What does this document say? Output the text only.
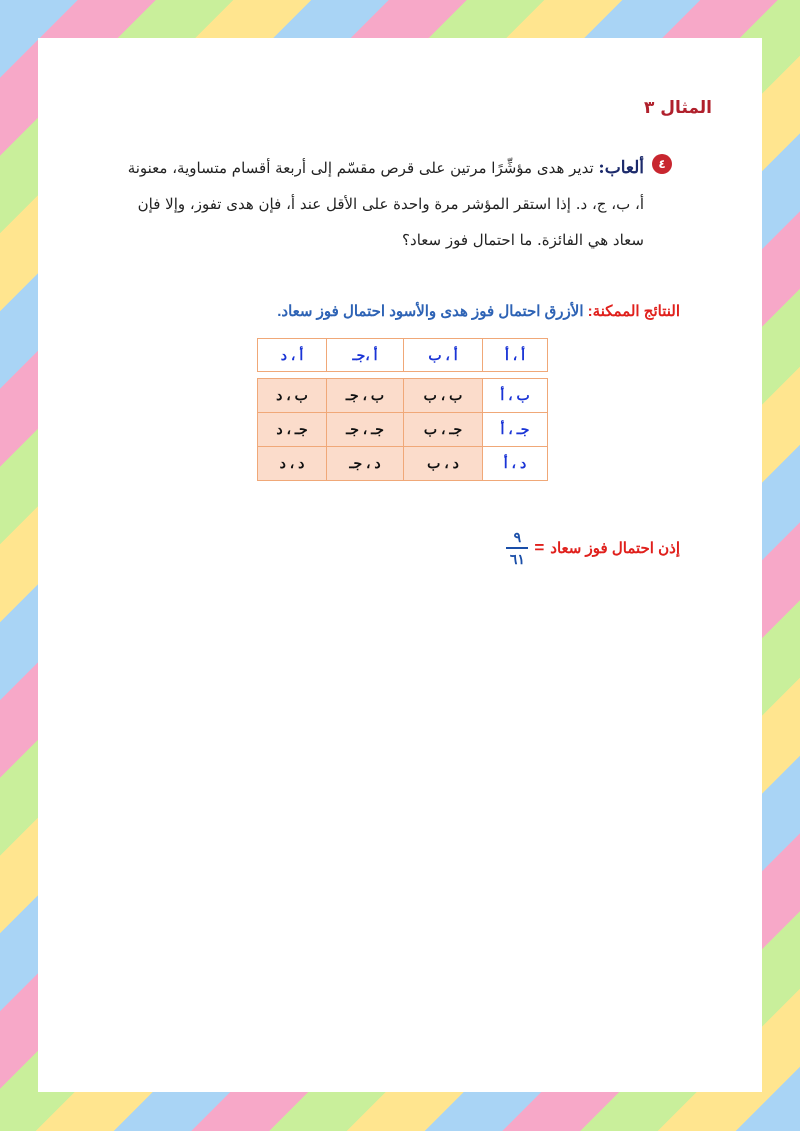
المثال ٣
٤
ألعاب: تدير هدى مؤشِّرًا مرتين على قرص مقسّم إلى أربعة أقسام متساوية، معنونة أ، ب، ج، د. إذا استقر المؤشر مرة واحدة على الأقل عند أ، فإن هدى تفوز، وإلا فإن سعاد هي الفائزة. ما احتمال فوز سعاد؟
النتائج الممكنة: الأزرق احتمال فوز هدى والأسود احتمال فوز سعاد.
أ ، أ	أ ، ب	أ ،جـ	أ ، د

ب ، أ	ب ، ب	ب ، جـ	ب ، د
جـ ، أ	جـ ، ب	جـ ، جـ	جـ ، د
د ، أ	د ، ب	د ، جـ	د ، د
إذن احتمال فوز سعاد
=
$\frac{٩}{٦١}$
